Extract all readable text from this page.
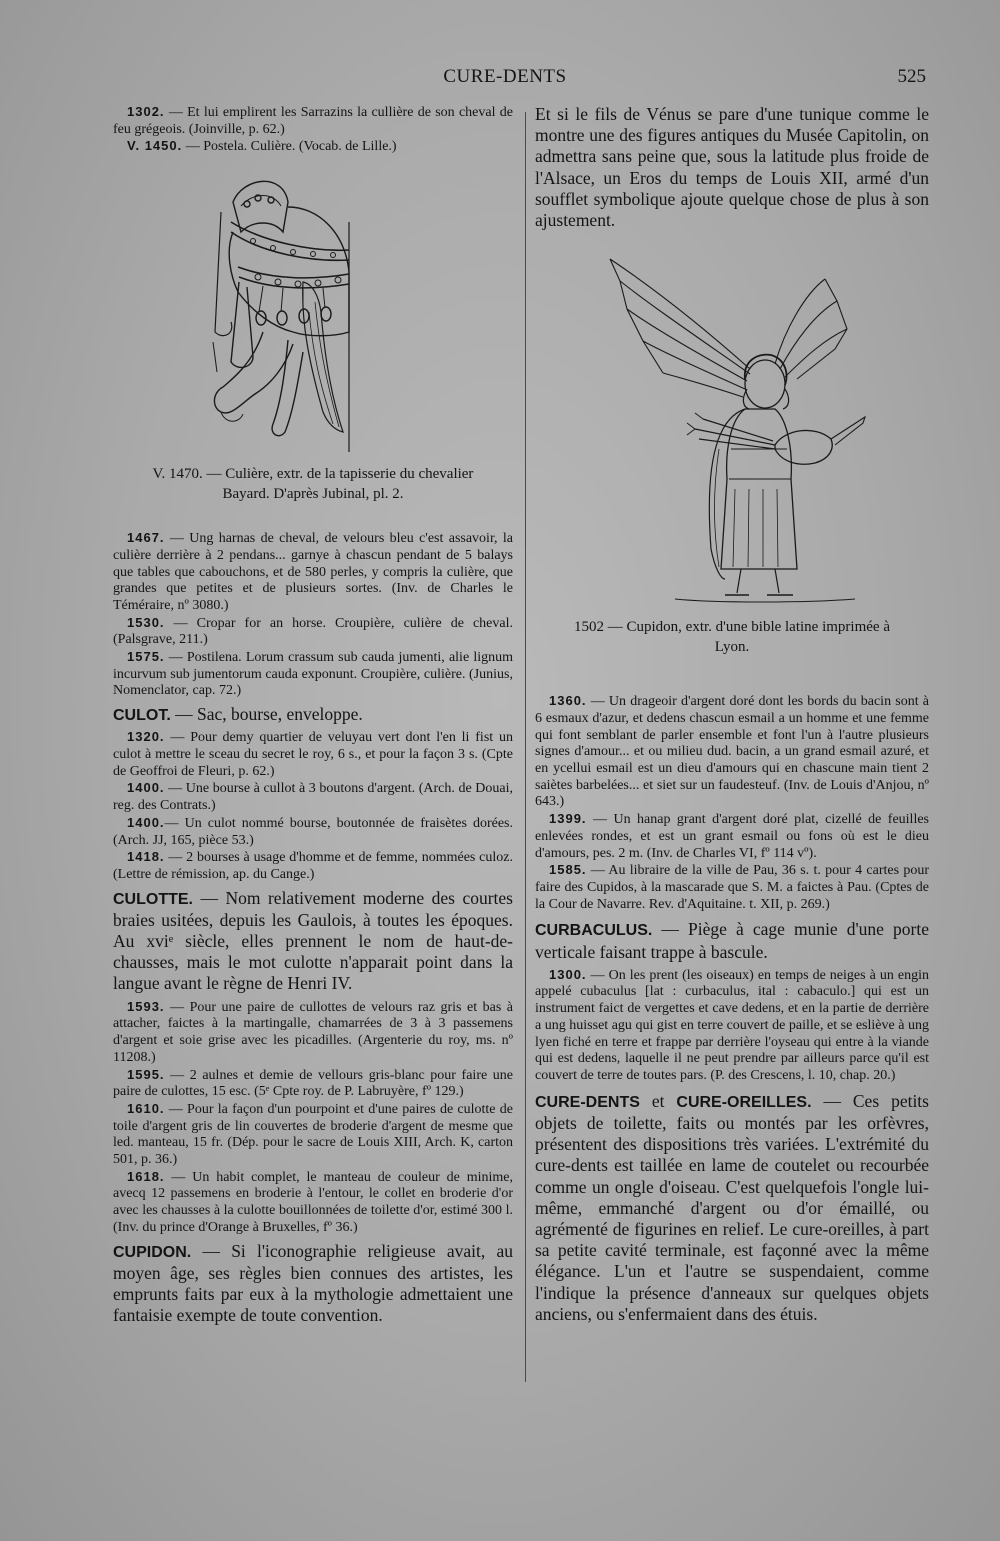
CURE-DENTS	525

1302. — Et lui emplirent les Sarrazins la cullière de son cheval de feu grégeois. (Joinville, p. 62.)

V. 1450. — Postela. Culière. (Vocab. de Lille.)

V. 1470. — Culière, extr. de la tapisserie du chevalier Bayard. D'après Jubinal, pl. 2.

1467. — Ung harnas de cheval, de velours bleu c'est assavoir, la culière derrière à 2 pendans... garnye à chascun pendant de 5 balays que tables que cabouchons, et de 580 perles, y compris la culière, que grandes que petites et de plusieurs sortes. (Inv. de Charles le Téméraire, nº 3080.)

1530. — Cropar for an horse. Croupière, culière de cheval. (Palsgrave, 211.)

1575. — Postilena. Lorum crassum sub cauda jumenti, alie lignum incurvum sub jumentorum cauda exponunt. Croupière, culière. (Junius, Nomenclator, cap. 72.)

CULOT. — Sac, bourse, enveloppe.

1320. — Pour demy quartier de veluyau vert dont l'en li fist un culot à mettre le sceau du secret le roy, 6 s., et pour la façon 3 s. (Cpte de Geoffroi de Fleuri, p. 62.)

1400. — Une bourse à cullot à 3 boutons d'argent. (Arch. de Douai, reg. des Contrats.)

1400.— Un culot nommé bourse, boutonnée de fraisètes dorées. (Arch. JJ, 165, pièce 53.)

1418. — 2 bourses à usage d'homme et de femme, nommées culoz. (Lettre de rémission, ap. du Cange.)

CULOTTE. — Nom relativement moderne des courtes braies usitées, depuis les Gaulois, à toutes les époques. Au xviᵉ siècle, elles prennent le nom de haut-de-chausses, mais le mot culotte n'apparait point dans la langue avant le règne de Henri IV.

1593. — Pour une paire de cullottes de velours raz gris et bas à attacher, faictes à la martingalle, chamarrées de 3 à 3 passemens d'argent et soie grise avec les picadilles. (Argenterie du roy, ms. nº 11208.)

1595. — 2 aulnes et demie de vellours gris-blanc pour faire une paire de culottes, 15 esc. (5ᵉ Cpte roy. de P. Labruyère, fº 129.)

1610. — Pour la façon d'un pourpoint et d'une paires de culotte de toile d'argent gris de lin couvertes de broderie d'argent de mesme que led. manteau, 15 fr. (Dép. pour le sacre de Louis XIII, Arch. K, carton 501, p. 36.)

1618. — Un habit complet, le manteau de couleur de minime, avecq 12 passemens en broderie à l'entour, le collet en broderie d'or avec les chausses à la culotte bouillonnées de toilette d'or, estimé 300 l. (Inv. du prince d'Orange à Bruxelles, fº 36.)

CUPIDON. — Si l'iconographie religieuse avait, au moyen âge, ses règles bien connues des artistes, les emprunts faits par eux à la mythologie admettaient une fantaisie exempte de toute convention.

Et si le fils de Vénus se pare d'une tunique comme le montre une des figures antiques du Musée Capitolin, on admettra sans peine que, sous la latitude plus froide de l'Alsace, un Eros du temps de Louis XII, armé d'un soufflet symbolique ajoute quelque chose de plus à son ajustement.

1502 — Cupidon, extr. d'une bible latine imprimée à Lyon.

1360. — Un drageoir d'argent doré dont les bords du bacin sont à 6 esmaux d'azur, et dedens chascun esmail a un homme et une femme qui font semblant de parler ensemble et font l'un à l'autre plusieurs signes d'amour... et ou milieu dud. bacin, a un grand esmail azuré, et en ycellui esmail est un dieu d'amours qui en chascune main tient 2 saiètes barbelées... et siet sur un faudesteuf. (Inv. de Louis d'Anjou, nº 643.)

1399. — Un hanap grant d'argent doré plat, cizellé de feuilles enlevées rondes, et est un grant esmail ou fons où est le dieu d'amours, pes. 2 m. (Inv. de Charles VI, fº 114 vº).

1585. — Au libraire de la ville de Pau, 36 s. t. pour 4 cartes pour faire des Cupidos, à la mascarade que S. M. a faictes à Pau. (Cptes de la Cour de Navarre. Rev. d'Aquitaine. t. XII, p. 269.)

CURBACULUS. — Piège à cage munie d'une porte verticale faisant trappe à bascule.

1300. — On les prent (les oiseaux) en temps de neiges à un engin appelé cubaculus [lat : curbaculus, ital : cabaculo.] qui est un instrument faict de vergettes et cave dedens, et en la partie de derrière a ung huisset agu qui gist en terre couvert de paille, et se esliève à ung lyen fiché en terre et frappe par derrière l'oyseau qui entre à la viande qui est dedens, laquelle il ne peut prendre par ailleurs parce qu'il est couvert de terre de toutes pars. (P. des Crescens, l. 10, chap. 20.)

CURE-DENTS et CURE-OREILLES. — Ces petits objets de toilette, faits ou montés par les orfèvres, présentent des dispositions très variées. L'extrémité du cure-dents est taillée en lame de coutelet ou recourbée comme un ongle d'oiseau. C'est quelquefois l'ongle lui-même, emmanché d'argent ou d'or émaillé, ou agrémenté de figurines en relief. Le cure-oreilles, à part sa petite cavité terminale, est façonné avec la même élégance. L'un et l'autre se suspendaient, comme l'indique la présence d'anneaux sur quelques objets anciens, ou s'enfermaient dans des étuis.
